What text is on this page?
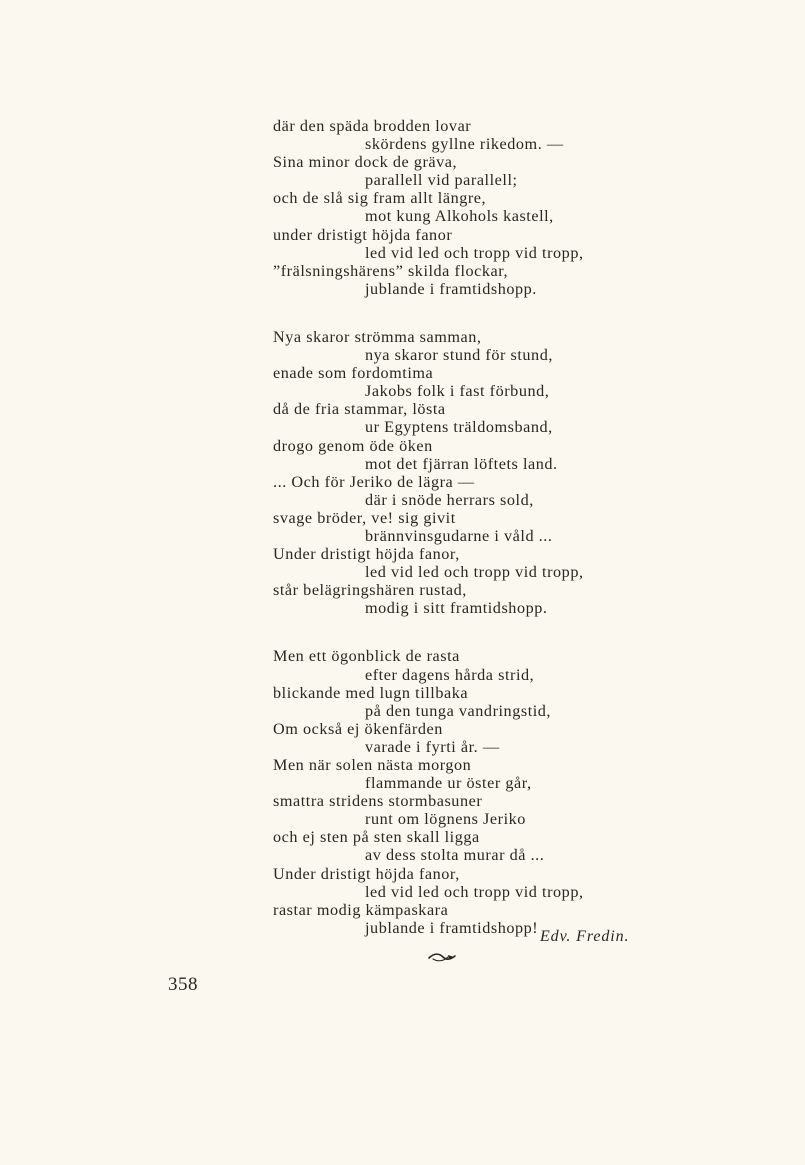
där den späda brodden lovar
skördens gyllne rikedom. —
Sina minor dock de gräva,
parallell vid parallell;
och de slå sig fram allt längre,
mot kung Alkohols kastell,
under dristigt höjda fanor
led vid led och tropp vid tropp,
”frälsningshärens” skilda flockar,
jublande i framtidshopp.
Nya skaror strömma samman,
nya skaror stund för stund,
enade som fordomtima
Jakobs folk i fast förbund,
då de fria stammar, lösta
ur Egyptens träldomsband,
drogo genom öde öken
mot det fjärran löftets land.
... Och för Jeriko de lägra —
där i snöde herrars sold,
svage bröder, ve! sig givit
brännvinsgudarne i våld ...
Under dristigt höjda fanor,
led vid led och tropp vid tropp,
står belägringshären rustad,
modig i sitt framtidshopp.
Men ett ögonblick de rasta
efter dagens hårda strid,
blickande med lugn tillbaka
på den tunga vandringstid,
Om också ej ökenfärden
varade i fyrti år. —
Men när solen nästa morgon
flammande ur öster går,
smattra stridens stormbasuner
runt om lögnens Jeriko
och ej sten på sten skall ligga
av dess stolta murar då ...
Under dristigt höjda fanor,
led vid led och tropp vid tropp,
rastar modig kämpaskara
jublande i framtidshopp! Edv. Fredin.
358
